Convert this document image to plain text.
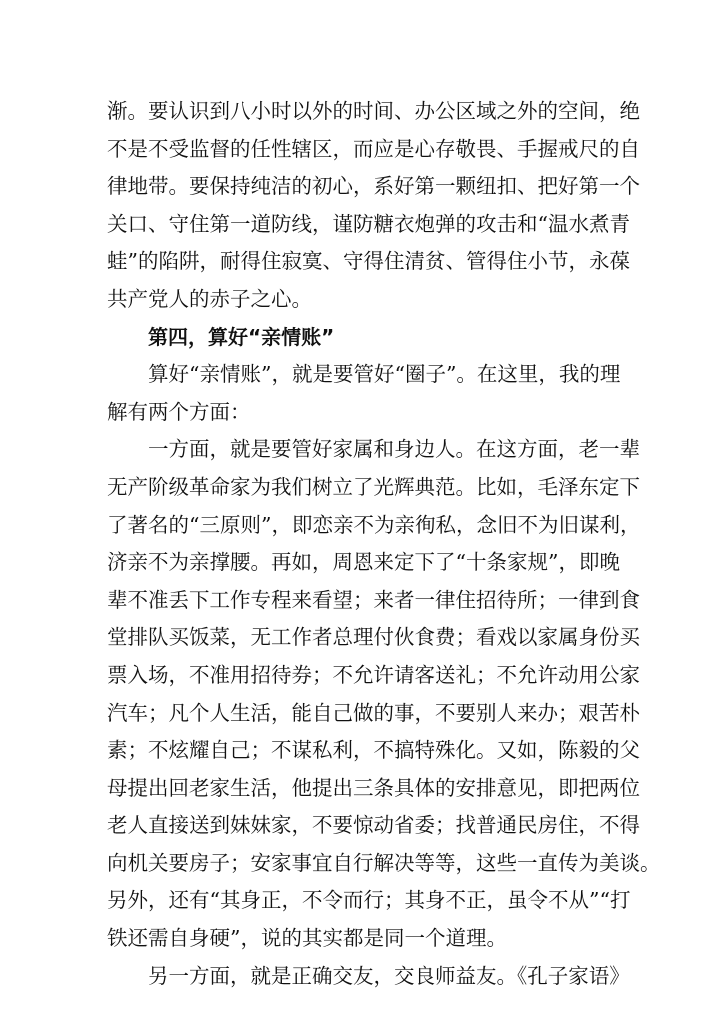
渐。要认识到八小时以外的时间、办公区域之外的空间，绝
不是不受监督的任性辖区，而应是心存敬畏、手握戒尺的自
律地带。要保持纯洁的初心，系好第一颗纽扣、把好第一个
关口、守住第一道防线，谨防糖衣炮弹的攻击和“温水煮青
蛙”的陷阱，耐得住寂寞、守得住清贫、管得住小节，永葆
共产党人的赤子之心。
第四，算好“亲情账”
算好“亲情账”，就是要管好“圈子”。在这里，我的理
解有两个方面：
一方面，就是要管好家属和身边人。在这方面，老一辈
无产阶级革命家为我们树立了光辉典范。比如，毛泽东定下
了著名的“三原则”，即恋亲不为亲徇私，念旧不为旧谋利，
济亲不为亲撑腰。再如，周恩来定下了“十条家规”，即晚
辈不准丢下工作专程来看望；来者一律住招待所；一律到食
堂排队买饭菜，无工作者总理付伙食费；看戏以家属身份买
票入场，不准用招待券；不允许请客送礼；不允许动用公家
汽车；凡个人生活，能自己做的事，不要别人来办；艰苦朴
素；不炫耀自己；不谋私利，不搞特殊化。又如，陈毅的父
母提出回老家生活，他提出三条具体的安排意见，即把两位
老人直接送到妹妹家，不要惊动省委；找普通民房住，不得
向机关要房子；安家事宜自行解决等等，这些一直传为美谈。
另外，还有“其身正，不令而行；其身不正，虽令不从”“打
铁还需自身硬”，说的其实都是同一个道理。
另一方面，就是正确交友，交良师益友。《孔子家语》
